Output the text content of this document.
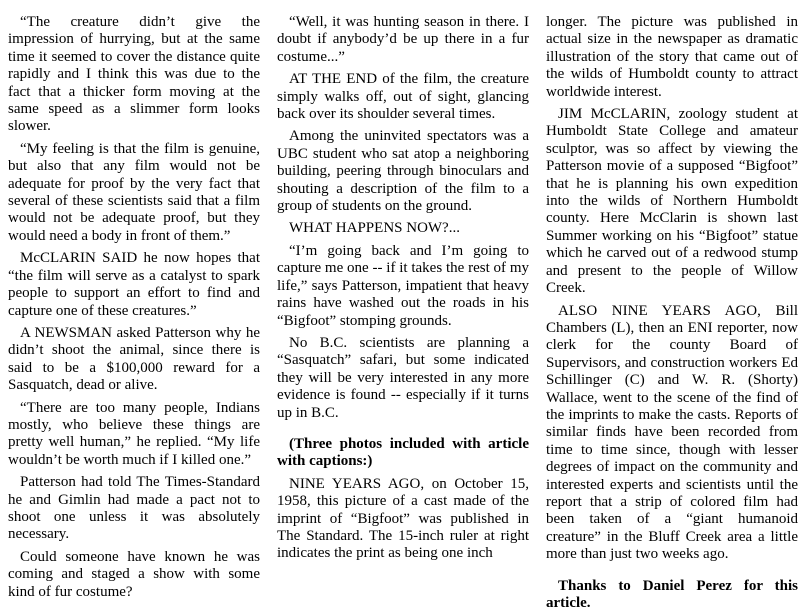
“The creature didn’t give the impression of hurrying, but at the same time it seemed to cover the distance quite rapidly and I think this was due to the fact that a thicker form moving at the same speed as a slimmer form looks slower.

“My feeling is that the film is genuine, but also that any film would not be adequate for proof by the very fact that several of these scientists said that a film would not be adequate proof, but they would need a body in front of them.”

McCLARIN SAID he now hopes that “the film will serve as a catalyst to spark people to support an effort to find and capture one of these creatures.”

A NEWSMAN asked Patterson why he didn’t shoot the animal, since there is said to be a $100,000 reward for a Sasquatch, dead or alive.

“There are too many people, Indians mostly, who believe these things are pretty well human,” he replied. “My life wouldn’t be worth much if I killed one.”

Patterson had told The Times-Standard he and Gimlin had made a pact not to shoot one unless it was absolutely necessary.

Could someone have known he was coming and staged a show with some kind of fur costume?

“Well, it was hunting season in there. I doubt if anybody’d be up there in a fur costume...”

AT THE END of the film, the creature simply walks off, out of sight, glancing back over its shoulder several times.

Among the uninvited spectators was a UBC student who sat atop a neighboring building, peering through binoculars and shouting a description of the film to a group of students on the ground.

WHAT HAPPENS NOW?...

“I’m going back and I’m going to capture me one -- if it takes the rest of my life,” says Patterson, impatient that heavy rains have washed out the roads in his “Bigfoot” stomping grounds.

No B.C. scientists are planning a “Sasquatch” safari, but some indicated they will be very interested in any more evidence is found -- especially if it turns up in B.C.

(Three photos included with article with captions:)

NINE YEARS AGO, on October 15, 1958, this picture of a cast made of the imprint of “Bigfoot” was published in The Standard. The 15-inch ruler at right indicates the print as being one inch

longer. The picture was published in actual size in the newspaper as dramatic illustration of the story that came out of the wilds of Humboldt county to attract worldwide interest.

JIM McCLARIN, zoology student at Humboldt State College and amateur sculptor, was so affect by viewing the Patterson movie of a supposed “Bigfoot” that he is planning his own expedition into the wilds of Northern Humboldt county. Here McClarin is shown last Summer working on his “Bigfoot” statue which he carved out of a redwood stump and present to the people of Willow Creek.

ALSO NINE YEARS AGO, Bill Chambers (L), then an ENI reporter, now clerk for the county Board of Supervisors, and construction workers Ed Schillinger (C) and W. R. (Shorty) Wallace, went to the scene of the find of the imprints to make the casts. Reports of similar finds have been recorded from time to time since, though with lesser degrees of impact on the community and interested experts and scientists until the report that a strip of colored film had been taken of a “giant humanoid creature” in the Bluff Creek area a little more than just two weeks ago.

Thanks to Daniel Perez for this article.
